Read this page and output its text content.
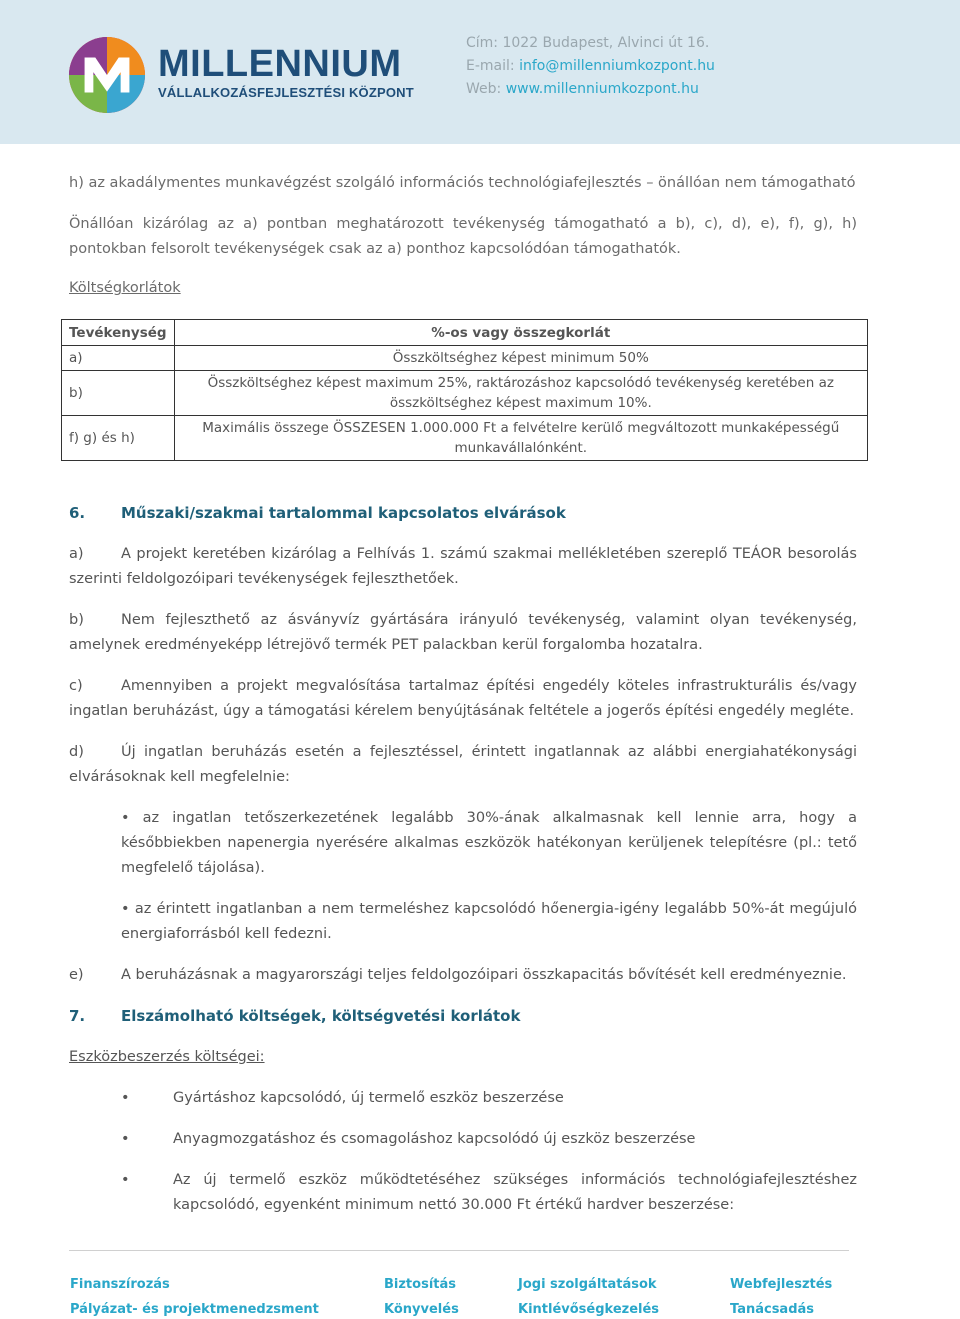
MILLENNIUM
VÁLLALKOZÁSFEJLESZTÉSI KÖZPONT
Cím: 1022 Budapest, Alvinci út 16.
E-mail: info@millenniumkozpont.hu
Web: www.millenniumkozpont.hu

h) az akadálymentes munkavégzést szolgáló információs technológiafejlesztés – önállóan nem támogatható

Önállóan kizárólag az a) pontban meghatározott tevékenység támogatható a b), c), d), e), f), g), h) pontokban felsorolt tevékenységek csak az a) ponthoz kapcsolódóan támogathatók.

Költségkorlátok

Tevékenység	%-os vagy összegkorlát
a)	Összköltséghez képest minimum 50%
b)	Összköltséghez képest maximum 25%, raktározáshoz kapcsolódó tevékenység keretében az összköltséghez képest maximum 10%.
f) g) és h)	Maximális összege ÖSSZESEN 1.000.000 Ft a felvételre kerülő megváltozott munkaképességű munkavállalónként.
6. Műszaki/szakmai tartalommal kapcsolatos elvárások
a)	A projekt keretében kizárólag a Felhívás 1. számú szakmai mellékletében szereplő TEÁOR besorolás szerinti feldolgozóipari tevékenységek fejleszthetőek.
b)	Nem fejleszthető az ásványvíz gyártására irányuló tevékenység, valamint olyan tevékenység, amelynek eredményeképp létrejövő termék PET palackban kerül forgalomba hozatalra.
c)	Amennyiben a projekt megvalósítása tartalmaz építési engedély köteles infrastrukturális és/vagy ingatlan beruházást, úgy a támogatási kérelem benyújtásának feltétele a jogerős építési engedély megléte.
d)	Új ingatlan beruházás esetén a fejlesztéssel, érintett ingatlannak az alábbi energiahatékonysági elvárásoknak kell megfelelnie:
• az ingatlan tetőszerkezetének legalább 30%-ának alkalmasnak kell lennie arra, hogy a későbbiekben napenergia nyerésére alkalmas eszközök hatékonyan kerüljenek telepítésre (pl.: tető megfelelő tájolása).
• az érintett ingatlanban a nem termeléshez kapcsolódó hőenergia-igény legalább 50%-át megújuló energiaforrásból kell fedezni.
e)	A beruházásnak a magyarországi teljes feldolgozóipari összkapacitás bővítését kell eredményeznie.
7. Elszámolható költségek, költségvetési korlátok

Eszközbeszerzés költségei:

•	Gyártáshoz kapcsolódó, új termelő eszköz beszerzése
•	Anyagmozgatáshoz és csomagoláshoz kapcsolódó új eszköz beszerzése
•	Az új termelő eszköz működtetéséhez szükséges információs technológiafejlesztéshez kapcsolódó, egyenként minimum nettó 30.000 Ft értékű hardver beszerzése:
Finanszírozás
Pályázat- és projektmenedzsment
Biztosítás
Könyvelés
Jogi szolgáltatások
Kintlévőségkezelés
Webfejlesztés
Tanácsadás
